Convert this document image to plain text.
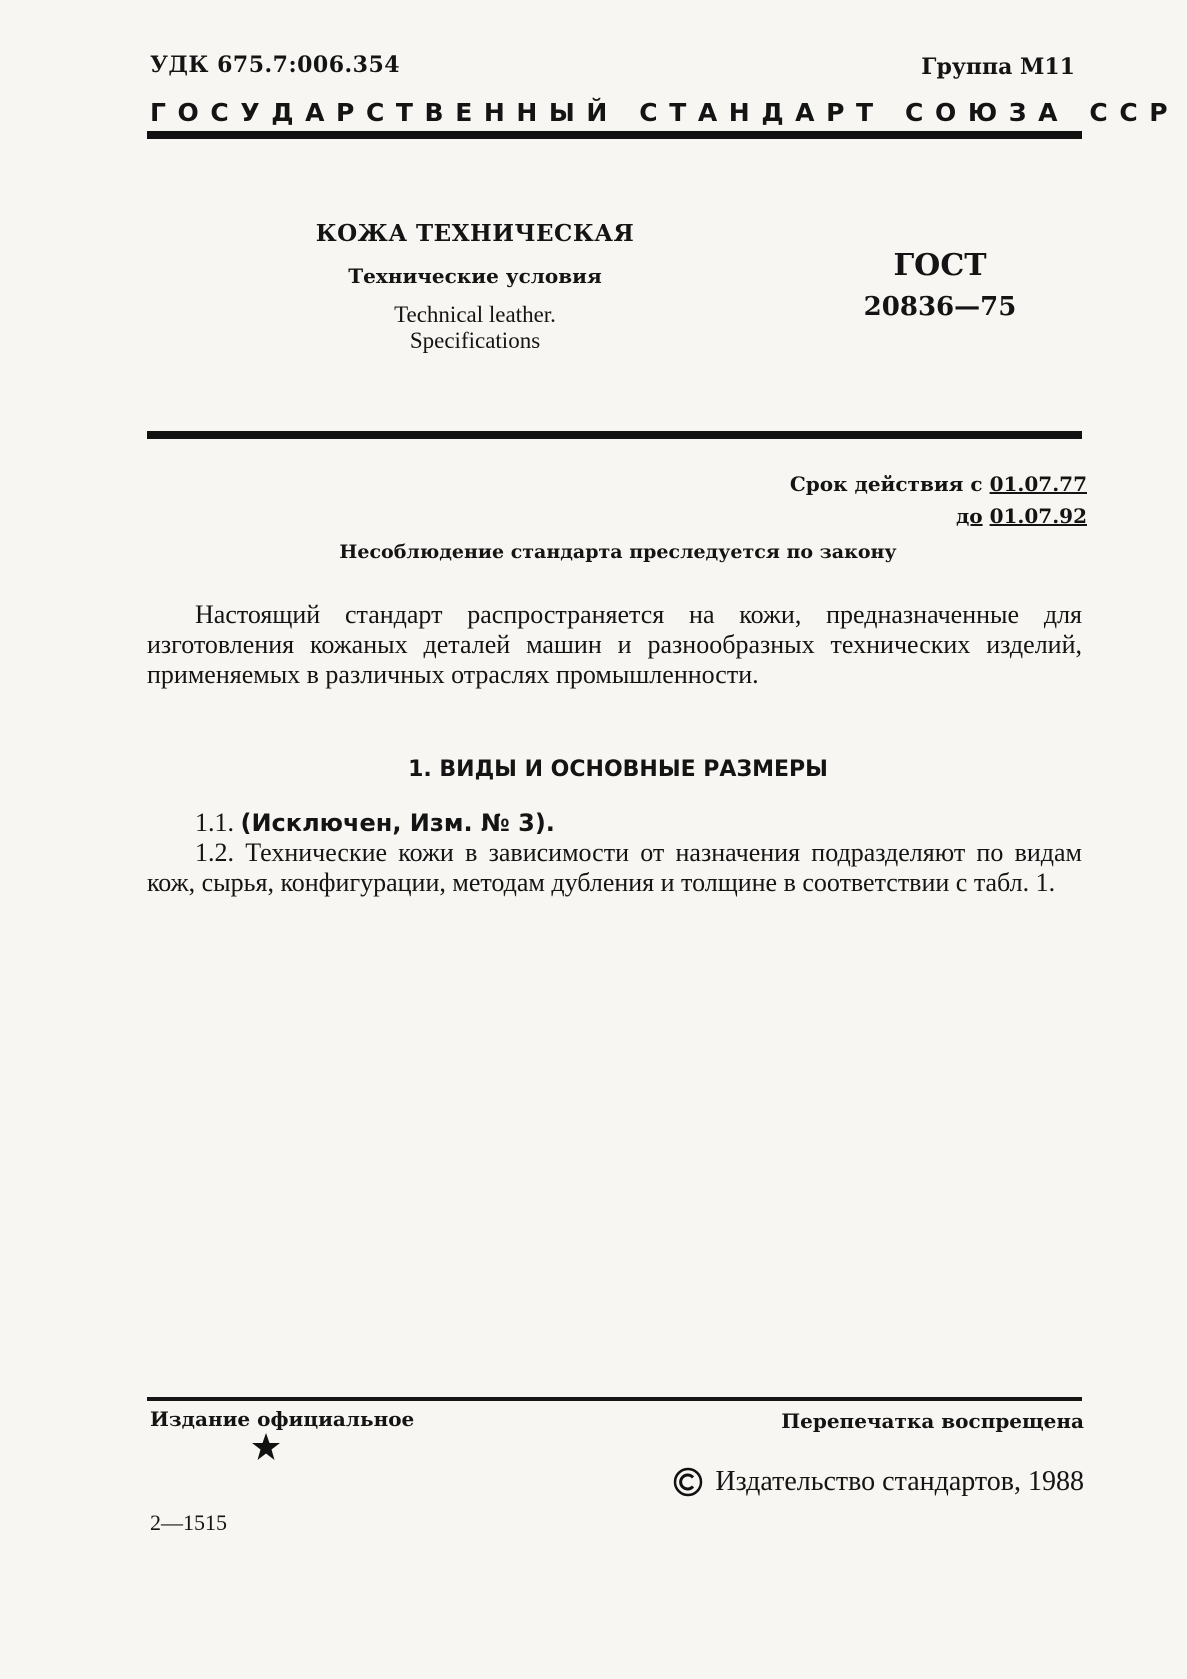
УДК 675.7:006.354	Группа М11
ГОСУДАРСТВЕННЫЙ СТАНДАРТ СОЮЗА ССР
КОЖА ТЕХНИЧЕСКАЯ
Технические условия
Technical leather.
Specifications
ГОСТ
20836—75
Срок действия с 01.07.77
до 01.07.92
Несоблюдение стандарта преследуется по закону
Настоящий стандарт распространяется на кожи, предназначенные для изготовления кожаных деталей машин и разнообразных технических изделий, применяемых в различных отраслях промышленности.
1. ВИДЫ И ОСНОВНЫЕ РАЗМЕРЫ
1.1. (Исключен, Изм. № 3).
1.2. Технические кожи в зависимости от назначения подразделяют по видам кож, сырья, конфигурации, методам дубления и толщине в соответствии с табл. 1.
Издание официальное	Перепечатка воспрещена
Издательство стандартов, 1988
2—1515
